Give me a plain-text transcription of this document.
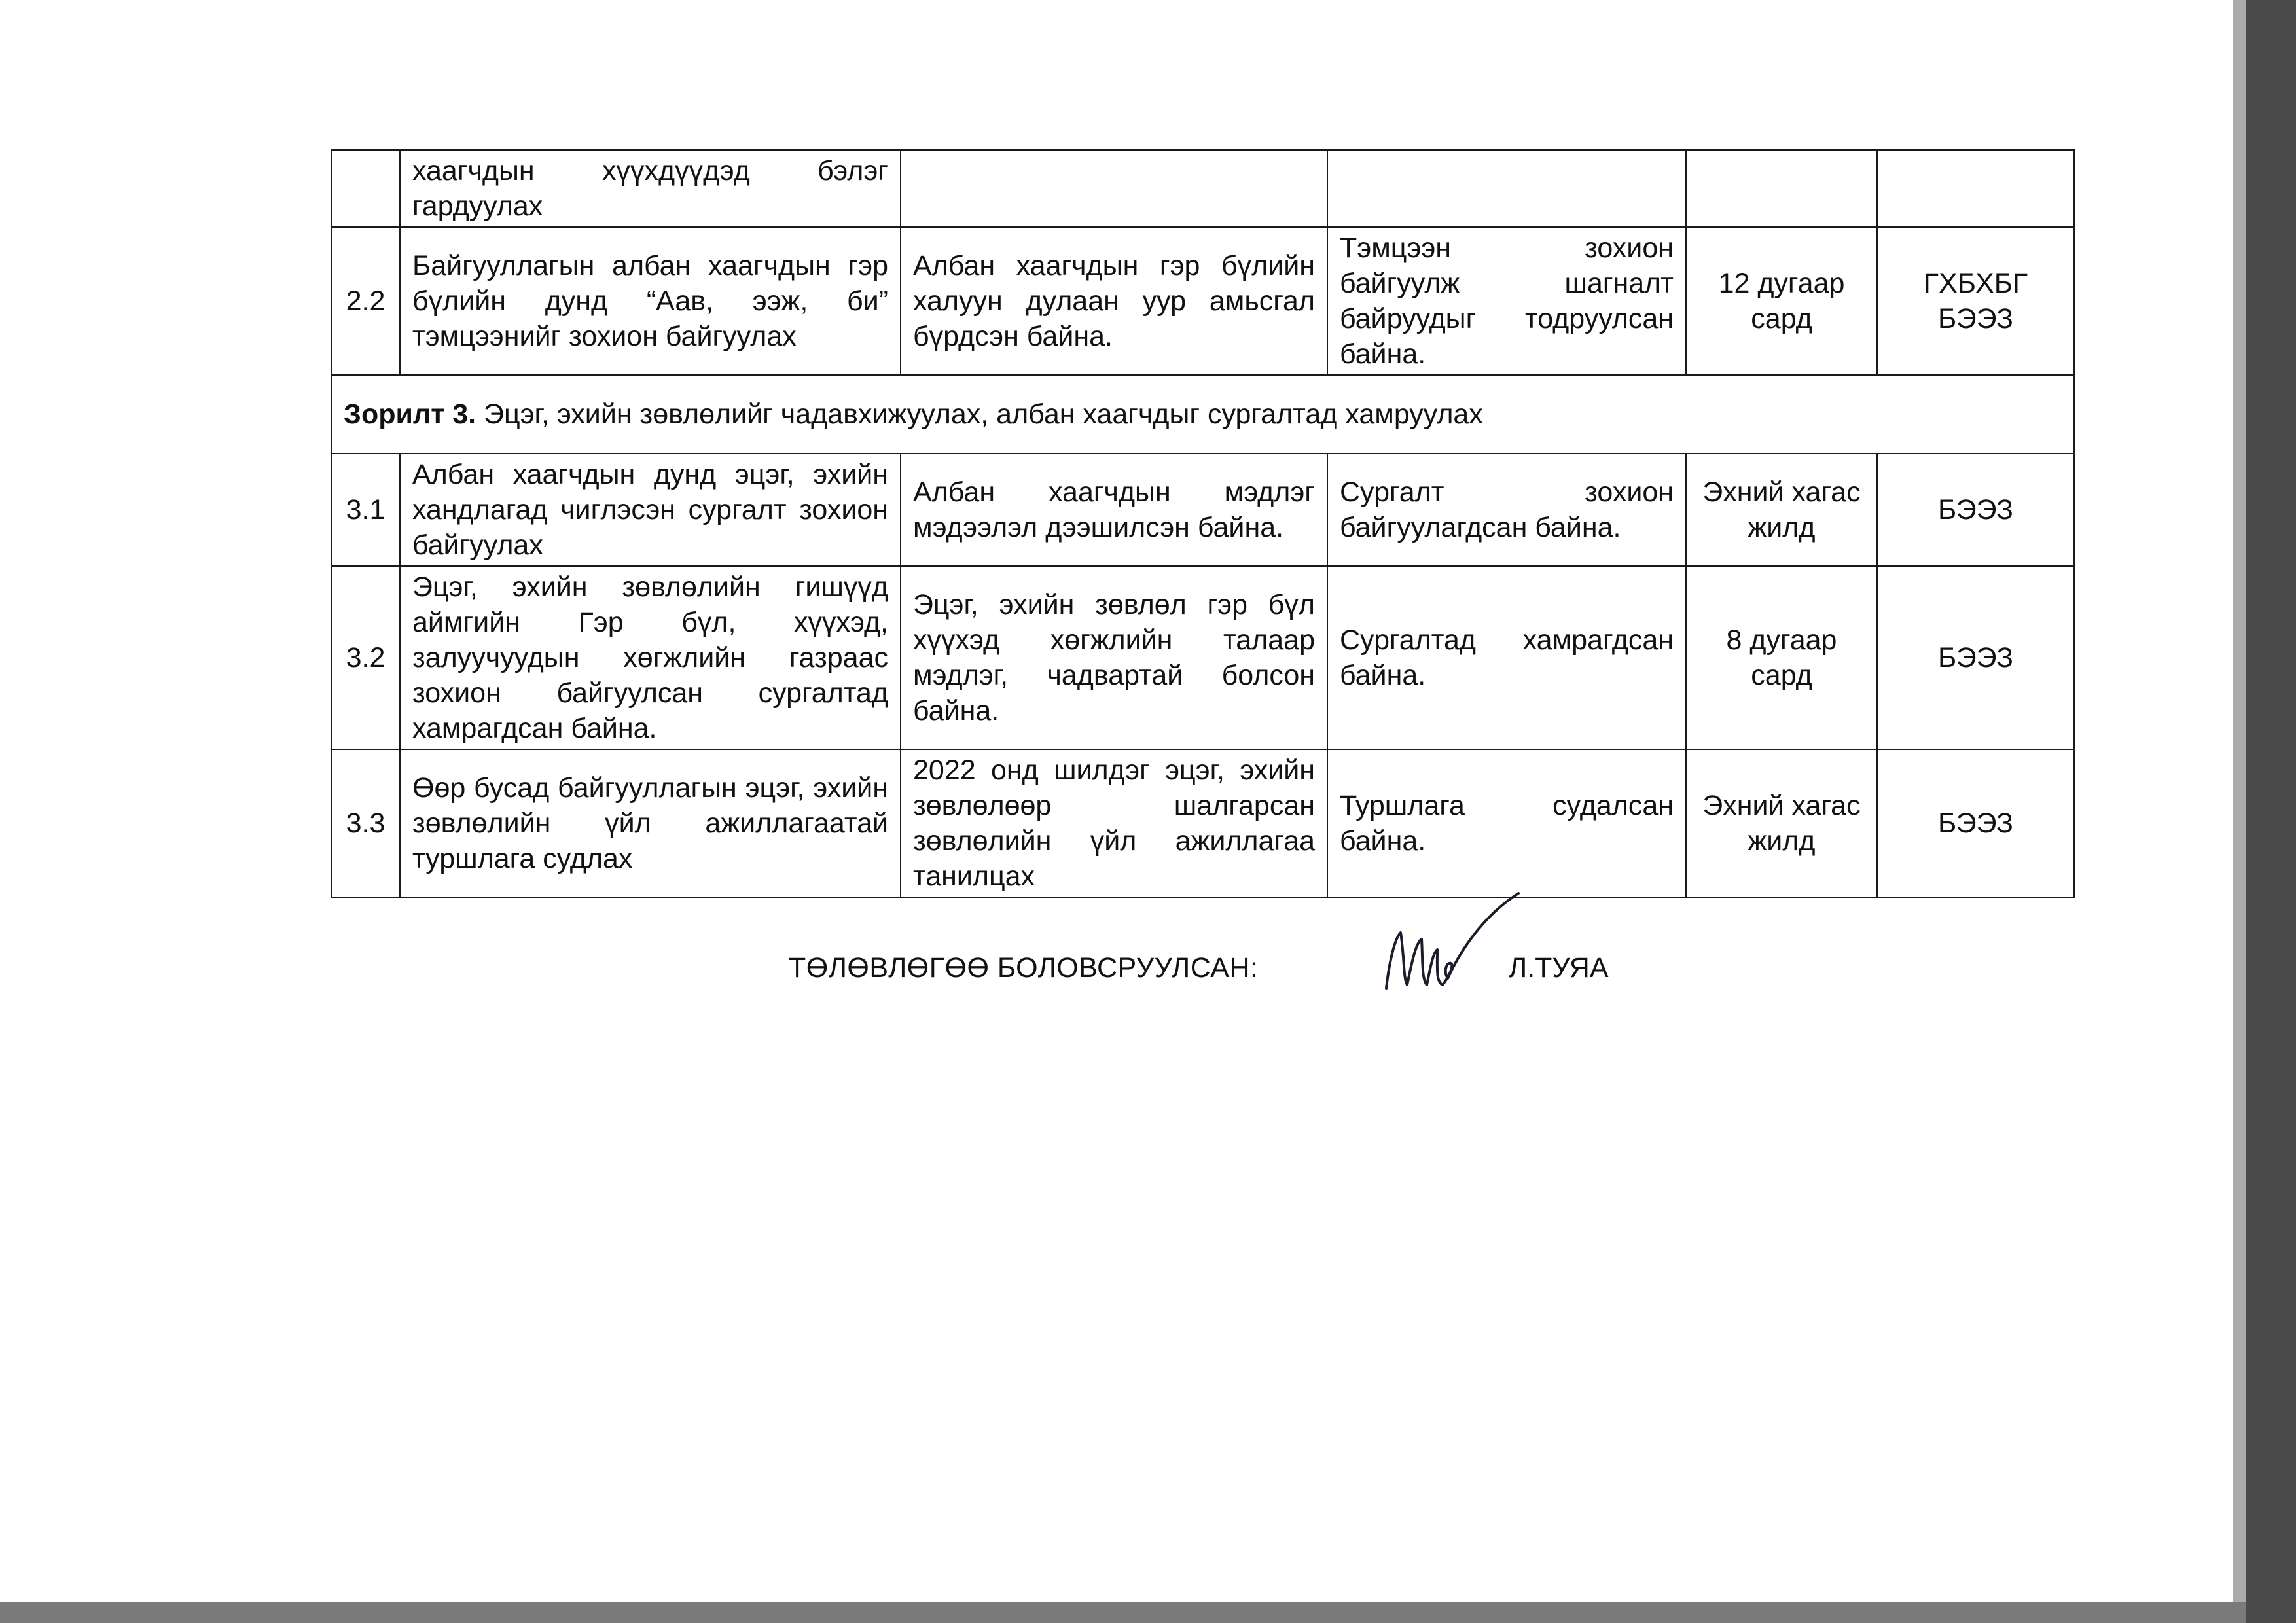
	хаагчдын хүүхдүүдэд бэлэг гардуулах				
2.2	Байгууллагын албан хаагчдын гэр бүлийн дунд “Аав, ээж, би” тэмцээнийг зохион байгуулах	Албан хаагчдын гэр бүлийн халуун дулаан уур амьсгал бүрдсэн байна.	Тэмцээн зохион байгуулж шагналт байруудыг тодруулсан байна.	12 дугаар сард	ГХБХБГ БЭЭЗ
Зорилт 3. Эцэг, эхийн зөвлөлийг чадавхижуулах, албан хаагчдыг сургалтад хамруулах					
3.1	Албан хаагчдын дунд эцэг, эхийн хандлагад чиглэсэн сургалт зохион байгуулах	Албан хаагчдын мэдлэг мэдээлэл дээшилсэн байна.	Сургалт зохион байгуулагдсан байна.	Эхний хагас жилд	БЭЭЗ
3.2	Эцэг, эхийн зөвлөлийн гишүүд аймгийн Гэр бүл, хүүхэд, залуучуудын хөгжлийн газраас зохион байгуулсан сургалтад хамрагдсан байна.	Эцэг, эхийн зөвлөл гэр бүл хүүхэд хөгжлийн талаар мэдлэг, чадвартай болсон байна.	Сургалтад хамрагдсан байна.	8 дугаар сард	БЭЭЗ
3.3	Өөр бусад байгууллагын эцэг, эхийн зөвлөлийн үйл ажиллагаатай туршлага судлах	2022 онд шилдэг эцэг, эхийн зөвлөлөөр шалгарсан зөвлөлийн үйл ажиллагаа танилцах	Туршлага судалсан байна.	Эхний хагас жилд	БЭЭЗ
ТӨЛӨВЛӨГӨӨ БОЛОВСРУУЛСАН:	Л.ТУЯА
